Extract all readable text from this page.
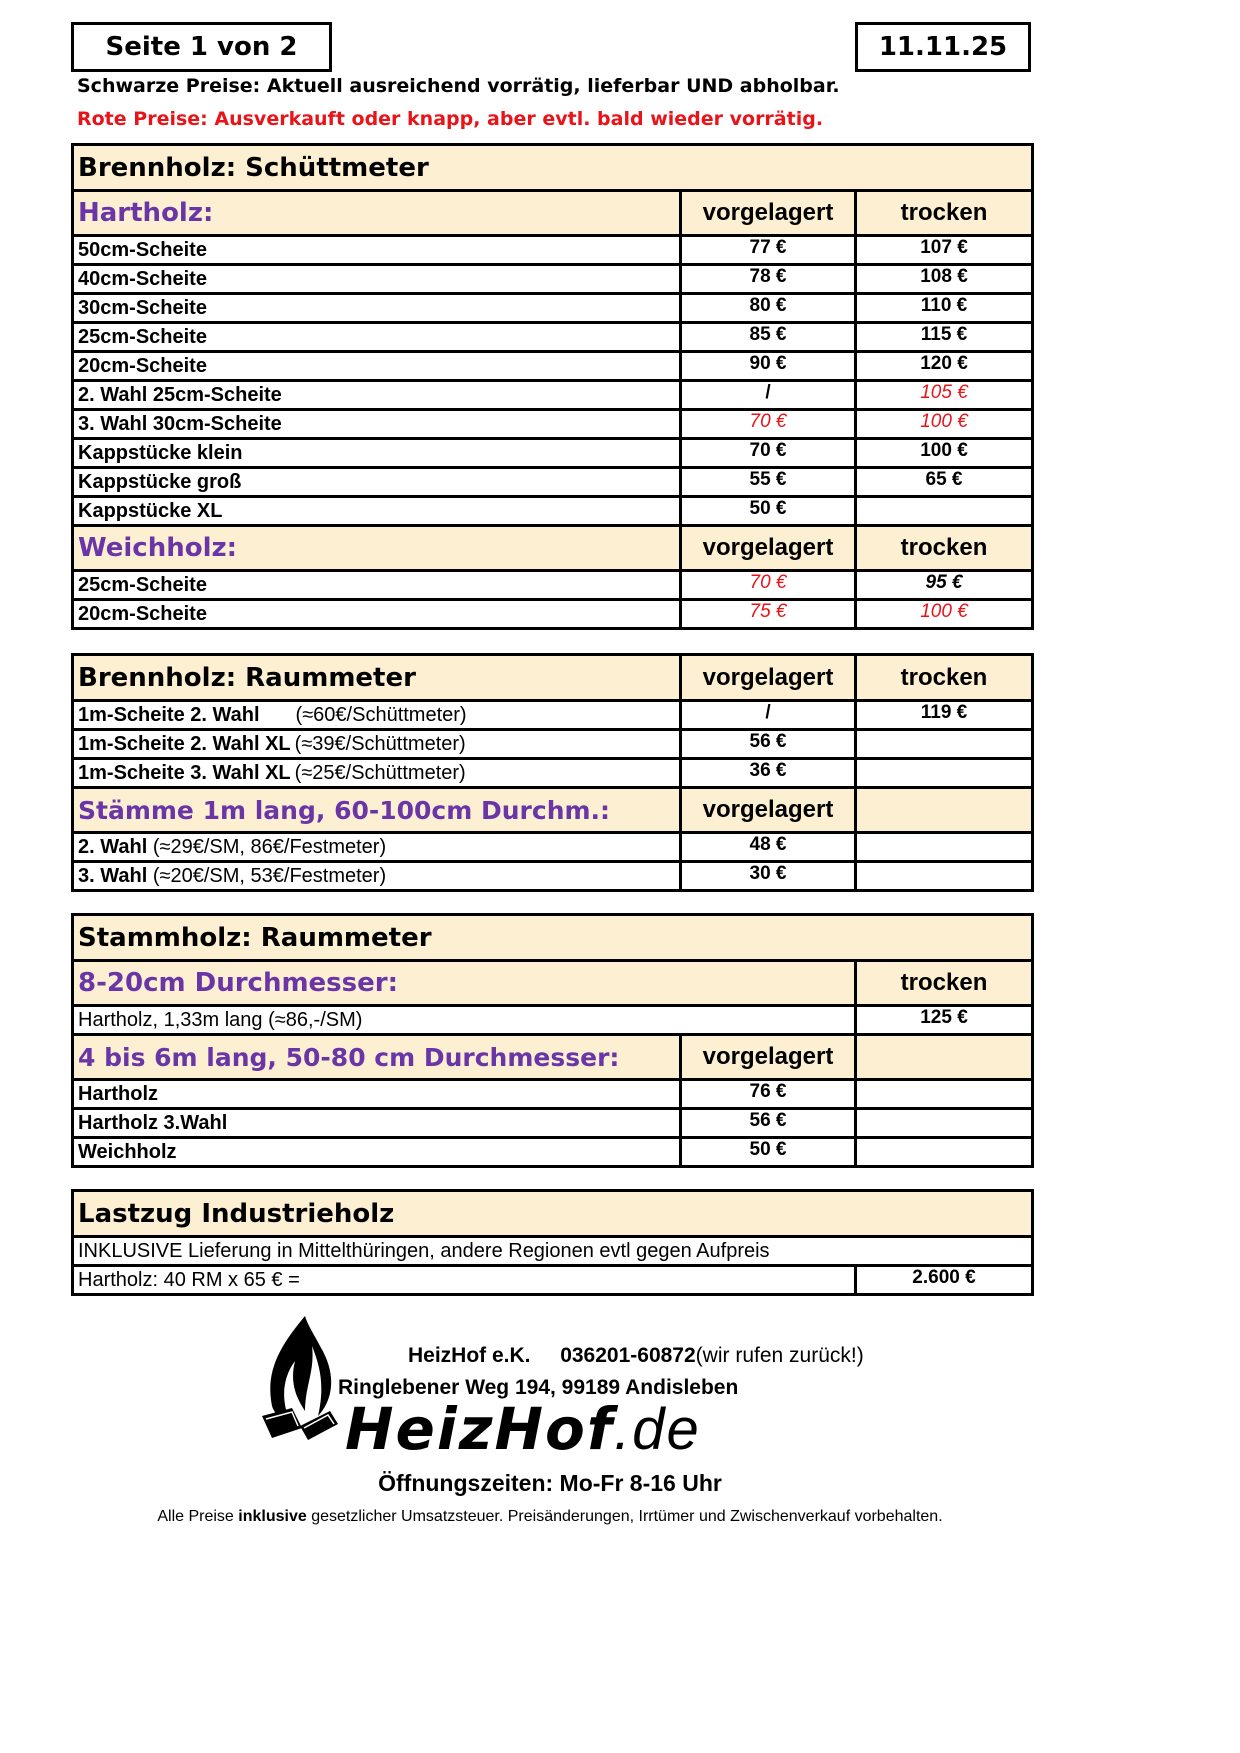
Seite 1 von 2	11.11.25
Schwarze Preise: Aktuell ausreichend vorrätig, lieferbar UND abholbar.
Rote Preise: Ausverkauft oder knapp, aber evtl. bald wieder vorrätig.
Brennholz: Schüttmeter		
Hartholz:	vorgelagert	trocken
50cm-Scheite	77 €	107 €
40cm-Scheite	78 €	108 €
30cm-Scheite	80 €	110 €
25cm-Scheite	85 €	115 €
20cm-Scheite	90 €	120 €
2. Wahl 25cm-Scheite	/	105 €
3. Wahl 30cm-Scheite	70 €	100 €
Kappstücke klein	70 €	100 €
Kappstücke groß	55 €	65 €
Kappstücke XL	50 €	
Weichholz:	vorgelagert	trocken
25cm-Scheite	70 €	95 €
20cm-Scheite	75 €	100 €
Brennholz: Raummeter	vorgelagert	trocken
1m-Scheite 2. Wahl (≈60€/Schüttmeter)	/	119 €
1m-Scheite 2. Wahl XL (≈39€/Schüttmeter)	56 €	
1m-Scheite 3. Wahl XL (≈25€/Schüttmeter)	36 €	
Stämme 1m lang, 60-100cm Durchm.:	vorgelagert	
2. Wahl (≈29€/SM, 86€/Festmeter)	48 €	
3. Wahl (≈20€/SM, 53€/Festmeter)	30 €	
Stammholz: Raummeter		
8-20cm Durchmesser:		trocken
Hartholz, 1,33m lang (≈86,-/SM)		125 €
4 bis 6m lang, 50-80 cm Durchmesser:	vorgelagert	
Hartholz	76 €	
Hartholz 3.Wahl	56 €	
Weichholz	50 €	
Lastzug Industrieholz
INKLUSIVE Lieferung in Mittelthüringen, andere Regionen evtl gegen Aufpreis
Hartholz: 40 RM x 65 € =	2.600 €
HeizHof e.K. 036201-60872(wir rufen zurück!)
Ringlebener Weg 194, 99189 Andisleben
HeizHof.de
Öffnungszeiten: Mo-Fr 8-16 Uhr
Alle Preise inklusive gesetzlicher Umsatzsteuer. Preisänderungen, Irrtümer und Zwischenverkauf vorbehalten.
